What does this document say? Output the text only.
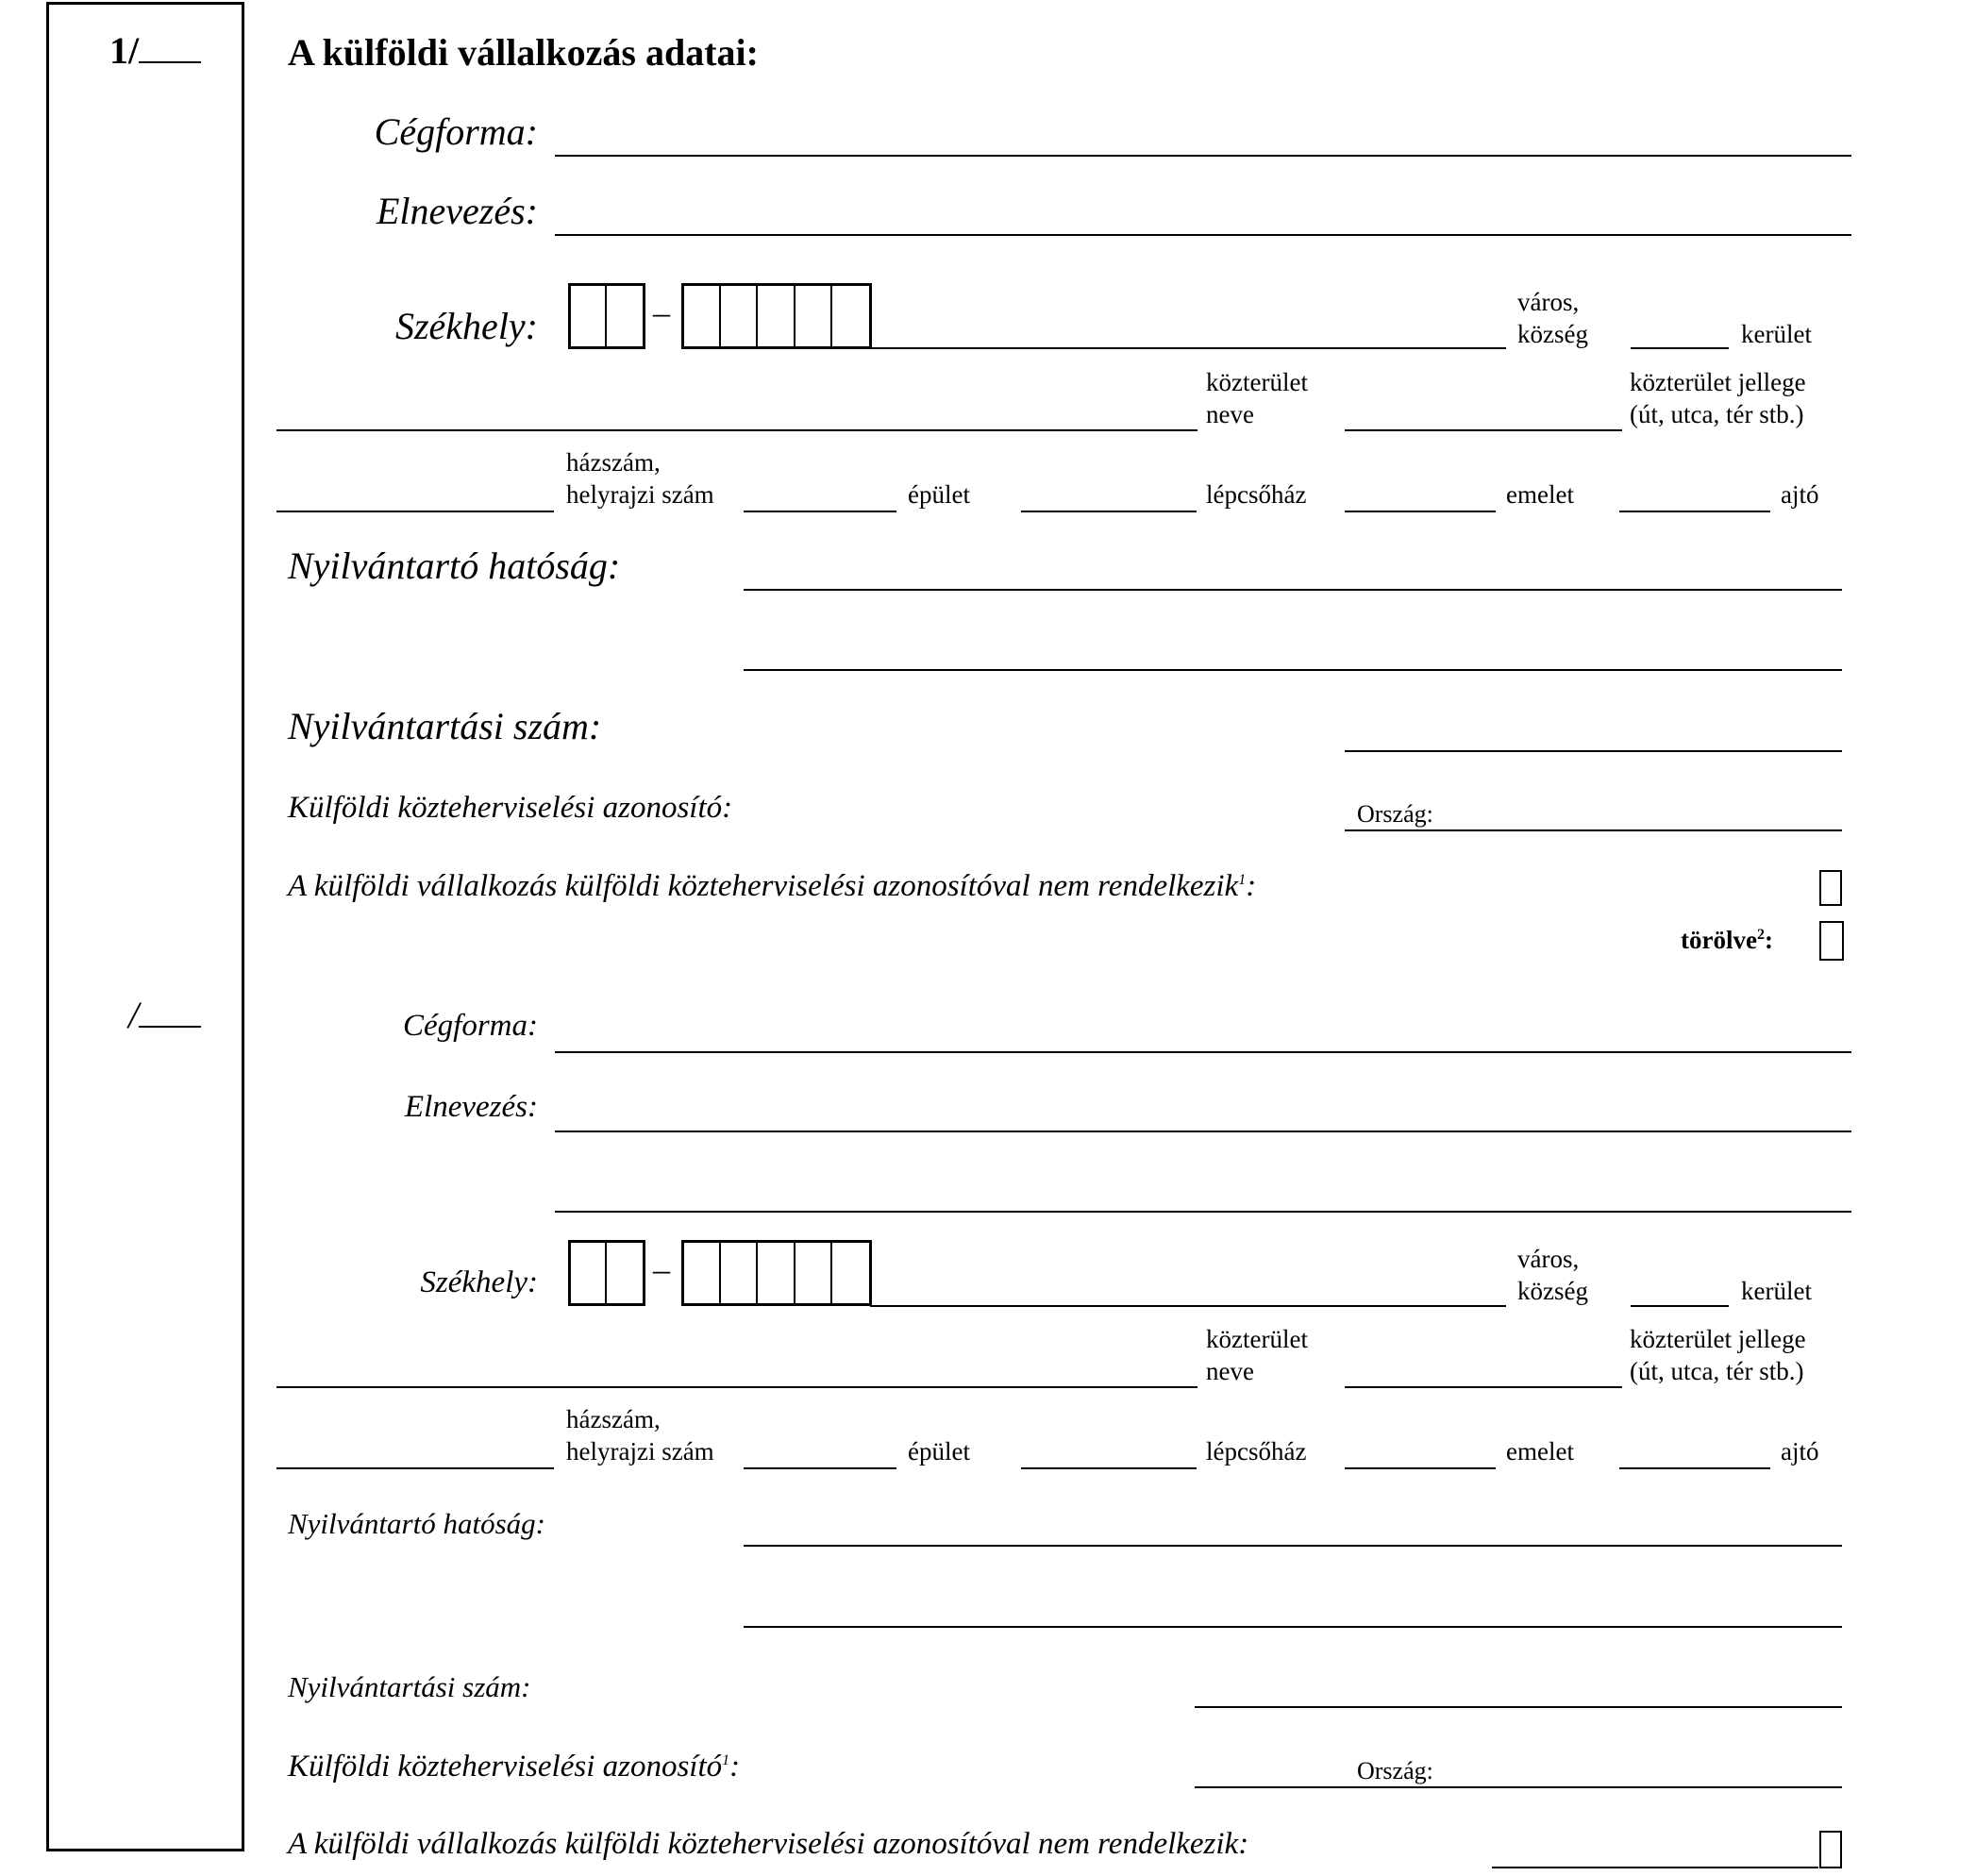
1/
/
A külföldi vállalkozás adatai:
Cégforma:
Elnevezés:
Székhely:	–	város,
község	kerület
közterület
neve
közterület jellege
(út, utca, tér stb.)
házszám,
helyrajzi szám	épület	lépcsőház	emelet	ajtó
Nyilvántartó hatóság:
Nyilvántartási szám:
Külföldi közteherviselési azonosító:	Ország:
A külföldi vállalkozás külföldi közteherviselési azonosítóval nem rendelkezik$^1$:
törölve$^2$:
Cégforma:
Elnevezés:
Székhely:	–	város,
község	kerület
közterület
neve
közterület jellege
(út, utca, tér stb.)
házszám,
helyrajzi szám	épület	lépcsőház	emelet	ajtó
Nyilvántartó hatóság:
Nyilvántartási szám:
Külföldi közteherviselési azonosító$^1$:	Ország:
A külföldi vállalkozás külföldi közteherviselési azonosítóval nem rendelkezik:
